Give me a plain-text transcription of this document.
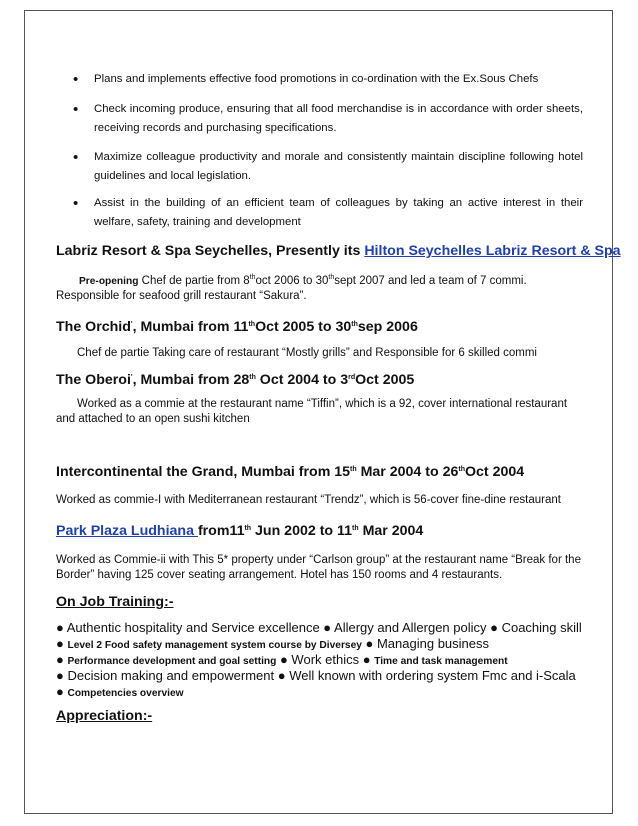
• Plans and implements effective food promotions in co-ordination with the Ex.Sous Chefs
• Check incoming produce, ensuring that all food merchandise is in accordance with order sheets, receiving records and purchasing specifications.
• Maximize colleague productivity and morale and consistently maintain discipline following hotel guidelines and local legislation.
• Assist in the building of an efficient team of colleagues by taking an active interest in their welfare, safety, training and development
Labriz Resort & Spa Seychelles, Presently its Hilton Seychelles Labriz Resort & Spa
Pre-opening Chef de partie from 8thoct 2006 to 30thsept 2007 and led a team of 7 commi.
Responsible for seafood grill restaurant “Sakura”.
The Orchid', Mumbai from 11thOct 2005 to 30thsep 2006
Chef de partie Taking care of restaurant “Mostly grills” and Responsible for 6 skilled commi
The Oberoi', Mumbai from 28th Oct 2004 to 3rdOct 2005
Worked as a commie at the restaurant name “Tiffin”, which is a 92, cover international restaurant
and attached to an open sushi kitchen
Intercontinental the Grand, Mumbai from 15th Mar 2004 to 26thOct 2004
Worked as commie-I with Mediterranean restaurant “Trendz”, which is 56-cover fine-dine restaurant
Park Plaza Ludhiana from11th Jun 2002 to 11th Mar 2004
Worked as Commie-ii with This 5* property under “Carlson group” at the restaurant name “Break for the
Border” having 125 cover seating arrangement. Hotel has 150 rooms and 4 restaurants.
On Job Training:-
● Authentic hospitality and Service excellence ● Allergy and Allergen policy ● Coaching skill
● Level 2 Food safety management system course by Diversey ● Managing business
● Performance development and goal setting ● Work ethics ● Time and task management
● Decision making and empowerment ● Well known with ordering system Fmc and i-Scala
● Competencies overview
Appreciation:-
